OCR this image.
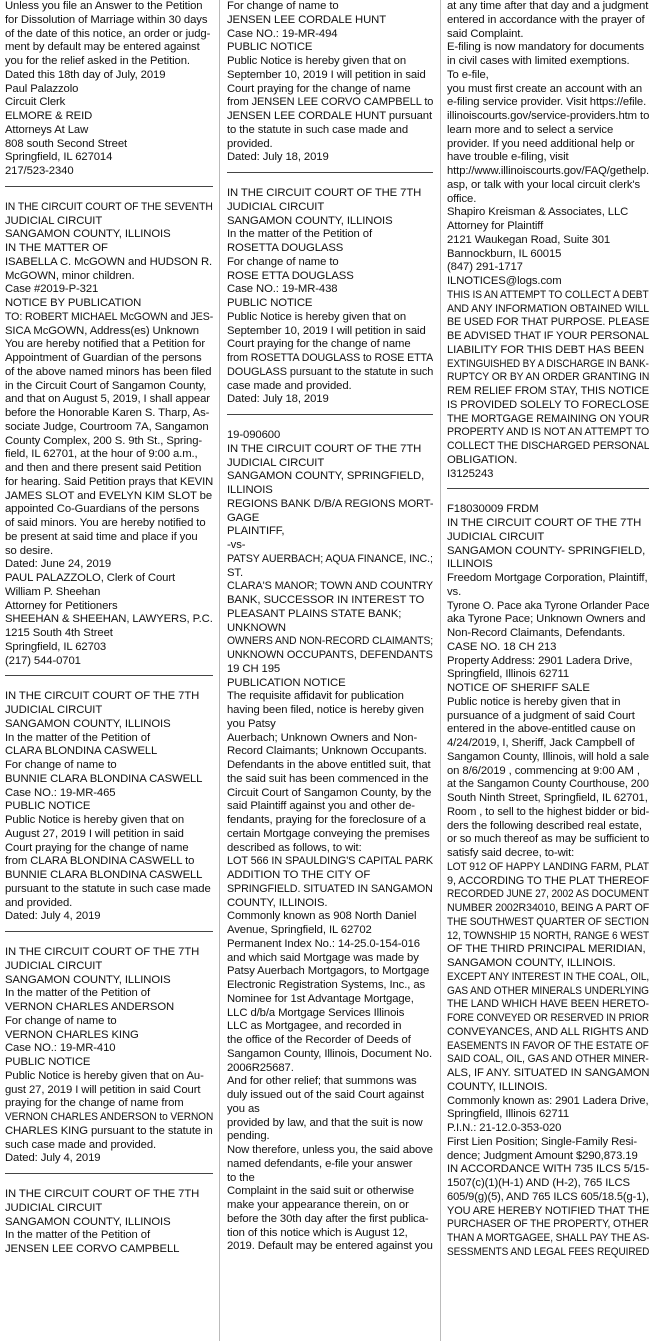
Unless you file an Answer to the Petition
for Dissolution of Marriage within 30 days
of the date of this notice, an order or judg-
ment by default may be entered against
you for the relief asked in the Petition.
Dated this 18th day of July, 2019
Paul Palazzolo
Circuit Clerk
ELMORE & REID
Attorneys At Law
808 south Second Street
Springfield, IL 627014
217/523-2340
IN THE CIRCUIT COURT OF THE SEVENTH
JUDICIAL CIRCUIT
SANGAMON COUNTY, ILLINOIS
IN THE MATTER OF
ISABELLA C. McGOWN and HUDSON R.
McGOWN, minor children.
Case #2019-P-321
NOTICE BY PUBLICATION
TO: ROBERT MICHAEL McGOWN and JES-
SICA McGOWN, Address(es) Unknown
You are hereby notified that a Petition for
Appointment of Guardian of the persons
of the above named minors has been filed
in the Circuit Court of Sangamon County,
and that on August 5, 2019, I shall appear
before the Honorable Karen S. Tharp, As-
sociate Judge, Courtroom 7A, Sangamon
County Complex, 200 S. 9th St., Spring-
field, IL 62701, at the hour of 9:00 a.m.,
and then and there present said Petition
for hearing. Said Petition prays that KEVIN
JAMES SLOT and EVELYN KIM SLOT be
appointed Co-Guardians of the persons
of said minors. You are hereby notified to
be present at said time and place if you
so desire.
Dated: June 24, 2019
PAUL PALAZZOLO, Clerk of Court
William P. Sheehan
Attorney for Petitioners
SHEEHAN & SHEEHAN, LAWYERS, P.C.
1215 South 4th Street
Springfield, IL 62703
(217) 544-0701
IN THE CIRCUIT COURT OF THE 7TH
JUDICIAL CIRCUIT
SANGAMON COUNTY, ILLINOIS
In the matter of the Petition of
CLARA BLONDINA CASWELL
For change of name to
BUNNIE CLARA BLONDINA CASWELL
Case NO.: 19-MR-465
PUBLIC NOTICE
Public Notice is hereby given that on
August 27, 2019 I will petition in said
Court praying for the change of name
from CLARA BLONDINA CASWELL to
BUNNIE CLARA BLONDINA CASWELL
pursuant to the statute in such case made
and provided.
Dated: July 4, 2019
IN THE CIRCUIT COURT OF THE 7TH
JUDICIAL CIRCUIT
SANGAMON COUNTY, ILLINOIS
In the matter of the Petition of
VERNON CHARLES ANDERSON
For change of name to
VERNON CHARLES KING
Case NO.: 19-MR-410
PUBLIC NOTICE
Public Notice is hereby given that on Au-
gust 27, 2019 I will petition in said Court
praying for the change of name from
VERNON CHARLES ANDERSON to VERNON
CHARLES KING pursuant to the statute in
such case made and provided.
Dated: July 4, 2019
IN THE CIRCUIT COURT OF THE 7TH
JUDICIAL CIRCUIT
SANGAMON COUNTY, ILLINOIS
In the matter of the Petition of
JENSEN LEE CORVO CAMPBELL
For change of name to
JENSEN LEE CORDALE HUNT
Case NO.: 19-MR-494
PUBLIC NOTICE
Public Notice is hereby given that on
September 10, 2019 I will petition in said
Court praying for the change of name
from JENSEN LEE CORVO CAMPBELL to
JENSEN LEE CORDALE HUNT pursuant
to the statute in such case made and
provided.
Dated: July 18, 2019
IN THE CIRCUIT COURT OF THE 7TH
JUDICIAL CIRCUIT
SANGAMON COUNTY, ILLINOIS
In the matter of the Petition of
ROSETTA DOUGLASS
For change of name to
ROSE ETTA DOUGLASS
Case NO.: 19-MR-438
PUBLIC NOTICE
Public Notice is hereby given that on
September 10, 2019 I will petition in said
Court praying for the change of name
from ROSETTA DOUGLASS to ROSE ETTA
DOUGLASS pursuant to the statute in such
case made and provided.
Dated: July 18, 2019
19-090600
IN THE CIRCUIT COURT OF THE 7TH
JUDICIAL CIRCUIT
SANGAMON COUNTY, SPRINGFIELD,
ILLINOIS
REGIONS BANK D/B/A REGIONS MORT-
GAGE
PLAINTIFF,
-vs-
PATSY AUERBACH; AQUA FINANCE, INC.;
ST.
CLARA'S MANOR; TOWN AND COUNTRY
BANK, SUCCESSOR IN INTEREST TO
PLEASANT PLAINS STATE BANK;
UNKNOWN
OWNERS AND NON-RECORD CLAIMANTS;
UNKNOWN OCCUPANTS, DEFENDANTS
19 CH 195
PUBLICATION NOTICE
The requisite affidavit for publication
having been filed, notice is hereby given
you Patsy
Auerbach; Unknown Owners and Non-
Record Claimants; Unknown Occupants.
Defendants in the above entitled suit, that
the said suit has been commenced in the
Circuit Court of Sangamon County, by the
said Plaintiff against you and other de-
fendants, praying for the foreclosure of a
certain Mortgage conveying the premises
described as follows, to wit:
LOT 566 IN SPAULDING'S CAPITAL PARK
ADDITION TO THE CITY OF
SPRINGFIELD. SITUATED IN SANGAMON
COUNTY, ILLINOIS.
Commonly known as 908 North Daniel
Avenue, Springfield, IL 62702
Permanent Index No.: 14-25.0-154-016
and which said Mortgage was made by
Patsy Auerbach Mortgagors, to Mortgage
Electronic Registration Systems, Inc., as
Nominee for 1st Advantage Mortgage,
LLC d/b/a Mortgage Services Illinois
LLC as Mortgagee, and recorded in
the office of the Recorder of Deeds of
Sangamon County, Illinois, Document No.
2006R25687.
And for other relief; that summons was
duly issued out of the said Court against
you as
provided by law, and that the suit is now
pending.
Now therefore, unless you, the said above
named defendants, e-file your answer
to the
Complaint in the said suit or otherwise
make your appearance therein, on or
before the 30th day after the first publica-
tion of this notice which is August 12,
2019. Default may be entered against you
at any time after that day and a judgment
entered in accordance with the prayer of
said Complaint.
E-filing is now mandatory for documents
in civil cases with limited exemptions.
To e-file,
you must first create an account with an
e-filing service provider. Visit https://efile.
illinoiscourts.gov/service-providers.htm to
learn more and to select a service
provider. If you need additional help or
have trouble e-filing, visit
http://www.illinoiscourts.gov/FAQ/gethelp.
asp, or talk with your local circuit clerk's
office.
Shapiro Kreisman & Associates, LLC
Attorney for Plaintiff
2121 Waukegan Road, Suite 301
Bannockburn, IL 60015
(847) 291-1717
ILNOTICES@logs.com
THIS IS AN ATTEMPT TO COLLECT A DEBT
AND ANY INFORMATION OBTAINED WILL
BE USED FOR THAT PURPOSE. PLEASE
BE ADVISED THAT IF YOUR PERSONAL
LIABILITY FOR THIS DEBT HAS BEEN
EXTINGUISHED BY A DISCHARGE IN BANK-
RUPTCY OR BY AN ORDER GRANTING IN
REM RELIEF FROM STAY, THIS NOTICE
IS PROVIDED SOLELY TO FORECLOSE
THE MORTGAGE REMAINING ON YOUR
PROPERTY AND IS NOT AN ATTEMPT TO
COLLECT THE DISCHARGED PERSONAL
OBLIGATION.
I3125243
F18030009 FRDM
IN THE CIRCUIT COURT OF THE 7TH
JUDICIAL CIRCUIT
SANGAMON COUNTY- SPRINGFIELD,
ILLINOIS
Freedom Mortgage Corporation, Plaintiff,
vs.
Tyrone O. Pace aka Tyrone Orlander Pace
aka Tyrone Pace; Unknown Owners and
Non-Record Claimants, Defendants.
CASE NO. 18 CH 213
Property Address: 2901 Ladera Drive,
Springfield, Illinois 62711
NOTICE OF SHERIFF SALE
Public notice is hereby given that in
pursuance of a judgment of said Court
entered in the above-entitled cause on
4/24/2019, I, Sheriff, Jack Campbell of
Sangamon County, Illinois, will hold a sale
on 8/6/2019 , commencing at 9:00 AM ,
at the Sangamon County Courthouse, 200
South Ninth Street, Springfield, IL 62701,
Room , to sell to the highest bidder or bid-
ders the following described real estate,
or so much thereof as may be sufficient to
satisfy said decree, to-wit:
LOT 912 OF HAPPY LANDING FARM, PLAT
9, ACCORDING TO THE PLAT THEREOF
RECORDED JUNE 27, 2002 AS DOCUMENT
NUMBER 2002R34010, BEING A PART OF
THE SOUTHWEST QUARTER OF SECTION
12, TOWNSHIP 15 NORTH, RANGE 6 WEST
OF THE THIRD PRINCIPAL MERIDIAN,
SANGAMON COUNTY, ILLINOIS.
EXCEPT ANY INTEREST IN THE COAL, OIL,
GAS AND OTHER MINERALS UNDERLYING
THE LAND WHICH HAVE BEEN HERETO-
FORE CONVEYED OR RESERVED IN PRIOR
CONVEYANCES, AND ALL RIGHTS AND
EASEMENTS IN FAVOR OF THE ESTATE OF
SAID COAL, OIL, GAS AND OTHER MINER-
ALS, IF ANY. SITUATED IN SANGAMON
COUNTY, ILLINOIS.
Commonly known as: 2901 Ladera Drive,
Springfield, Illinois 62711
P.I.N.: 21-12.0-353-020
First Lien Position; Single-Family Resi-
dence; Judgment Amount $290,873.19
IN ACCORDANCE WITH 735 ILCS 5/15-
1507(c)(1)(H-1) AND (H-2), 765 ILCS
605/9(g)(5), AND 765 ILCS 605/18.5(g-1),
YOU ARE HEREBY NOTIFIED THAT THE
PURCHASER OF THE PROPERTY, OTHER
THAN A MORTGAGEE, SHALL PAY THE AS-
SESSMENTS AND LEGAL FEES REQUIRED
